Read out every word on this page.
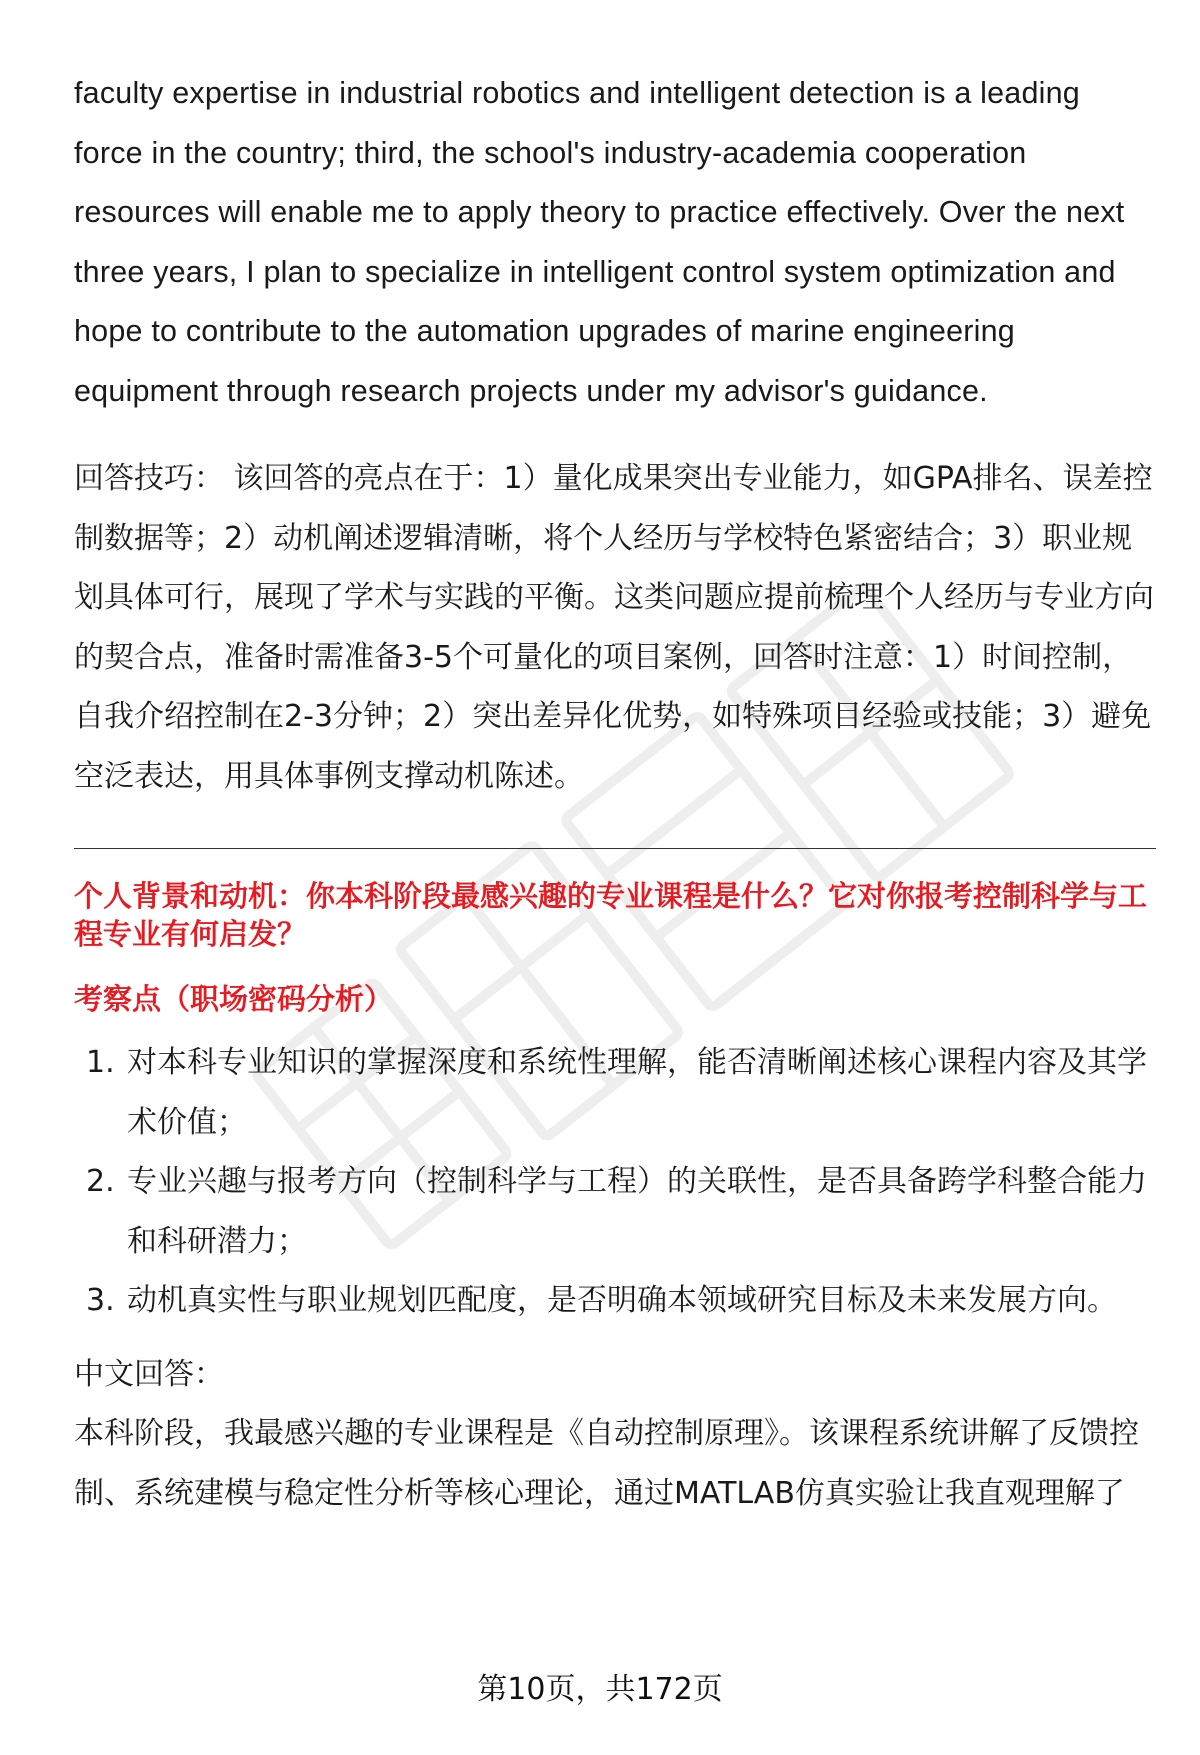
faculty expertise in industrial robotics and intelligent detection is a leading force in the country; third, the school's industry-academia cooperation resources will enable me to apply theory to practice effectively. Over the next three years, I plan to specialize in intelligent control system optimization and hope to contribute to the automation upgrades of marine engineering equipment through research projects under my advisor's guidance.

回答技巧： 该回答的亮点在于：1）量化成果突出专业能力，如GPA排名、误差控制数据等；2）动机阐述逻辑清晰，将个人经历与学校特色紧密结合；3）职业规划具体可行，展现了学术与实践的平衡。这类问题应提前梳理个人经历与专业方向的契合点，准备时需准备3-5个可量化的项目案例，回答时注意：1）时间控制，自我介绍控制在2-3分钟；2）突出差异化优势，如特殊项目经验或技能；3）避免空泛表达，用具体事例支撑动机陈述。

个人背景和动机：你本科阶段最感兴趣的专业课程是什么？它对你报考控制科学与工程专业有何启发？

考察点（职场密码分析）
1. 对本科专业知识的掌握深度和系统性理解，能否清晰阐述核心课程内容及其学术价值；
2. 专业兴趣与报考方向（控制科学与工程）的关联性，是否具备跨学科整合能力和科研潜力；
3. 动机真实性与职业规划匹配度，是否明确本领域研究目标及未来发展方向。
中文回答：

本科阶段，我最感兴趣的专业课程是《自动控制原理》。该课程系统讲解了反馈控制、系统建模与稳定性分析等核心理论，通过MATLAB仿真实验让我直观理解了

第10页，共172页
